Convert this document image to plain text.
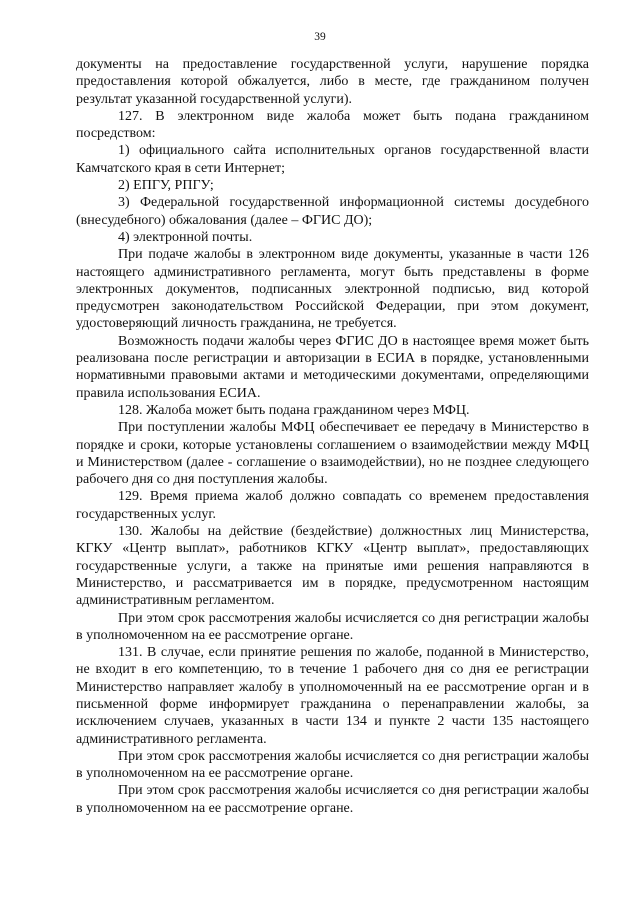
39

документы на предоставление государственной услуги, нарушение порядка предоставления которой обжалуется, либо в месте, где гражданином получен результат указанной государственной услуги).

127. В электронном виде жалоба может быть подана гражданином посредством:

1) официального сайта исполнительных органов государственной власти Камчатского края в сети Интернет;

2) ЕПГУ, РПГУ;

3) Федеральной государственной информационной системы досудебного (внесудебного) обжалования (далее – ФГИС ДО);

4) электронной почты.

При подаче жалобы в электронном виде документы, указанные в части 126 настоящего административного регламента, могут быть представлены в форме электронных документов, подписанных электронной подписью, вид которой предусмотрен законодательством Российской Федерации, при этом документ, удостоверяющий личность гражданина, не требуется.

Возможность подачи жалобы через ФГИС ДО в настоящее время может быть реализована после регистрации и авторизации в ЕСИА в порядке, установленными нормативными правовыми актами и методическими документами, определяющими правила использования ЕСИА.

128. Жалоба может быть подана гражданином через МФЦ.

При поступлении жалобы МФЦ обеспечивает ее передачу в Министерство в порядке и сроки, которые установлены соглашением о взаимодействии между МФЦ и Министерством (далее - соглашение о взаимодействии), но не позднее следующего рабочего дня со дня поступления жалобы.

129. Время приема жалоб должно совпадать со временем предоставления государственных услуг.

130. Жалобы на действие (бездействие) должностных лиц Министерства, КГКУ «Центр выплат», работников КГКУ «Центр выплат», предоставляющих государственные услуги, а также на принятые ими решения направляются в Министерство, и рассматривается им в порядке, предусмотренном настоящим административным регламентом.

При этом срок рассмотрения жалобы исчисляется со дня регистрации жалобы в уполномоченном на ее рассмотрение органе.

131. В случае, если принятие решения по жалобе, поданной в Министерство, не входит в его компетенцию, то в течение 1 рабочего дня со дня ее регистрации Министерство направляет жалобу в уполномоченный на ее рассмотрение орган и в письменной форме информирует гражданина о перенаправлении жалобы, за исключением случаев, указанных в части 134 и пункте 2 части 135 настоящего административного регламента.

При этом срок рассмотрения жалобы исчисляется со дня регистрации жалобы в уполномоченном на ее рассмотрение органе.

При этом срок рассмотрения жалобы исчисляется со дня регистрации жалобы в уполномоченном на ее рассмотрение органе.
